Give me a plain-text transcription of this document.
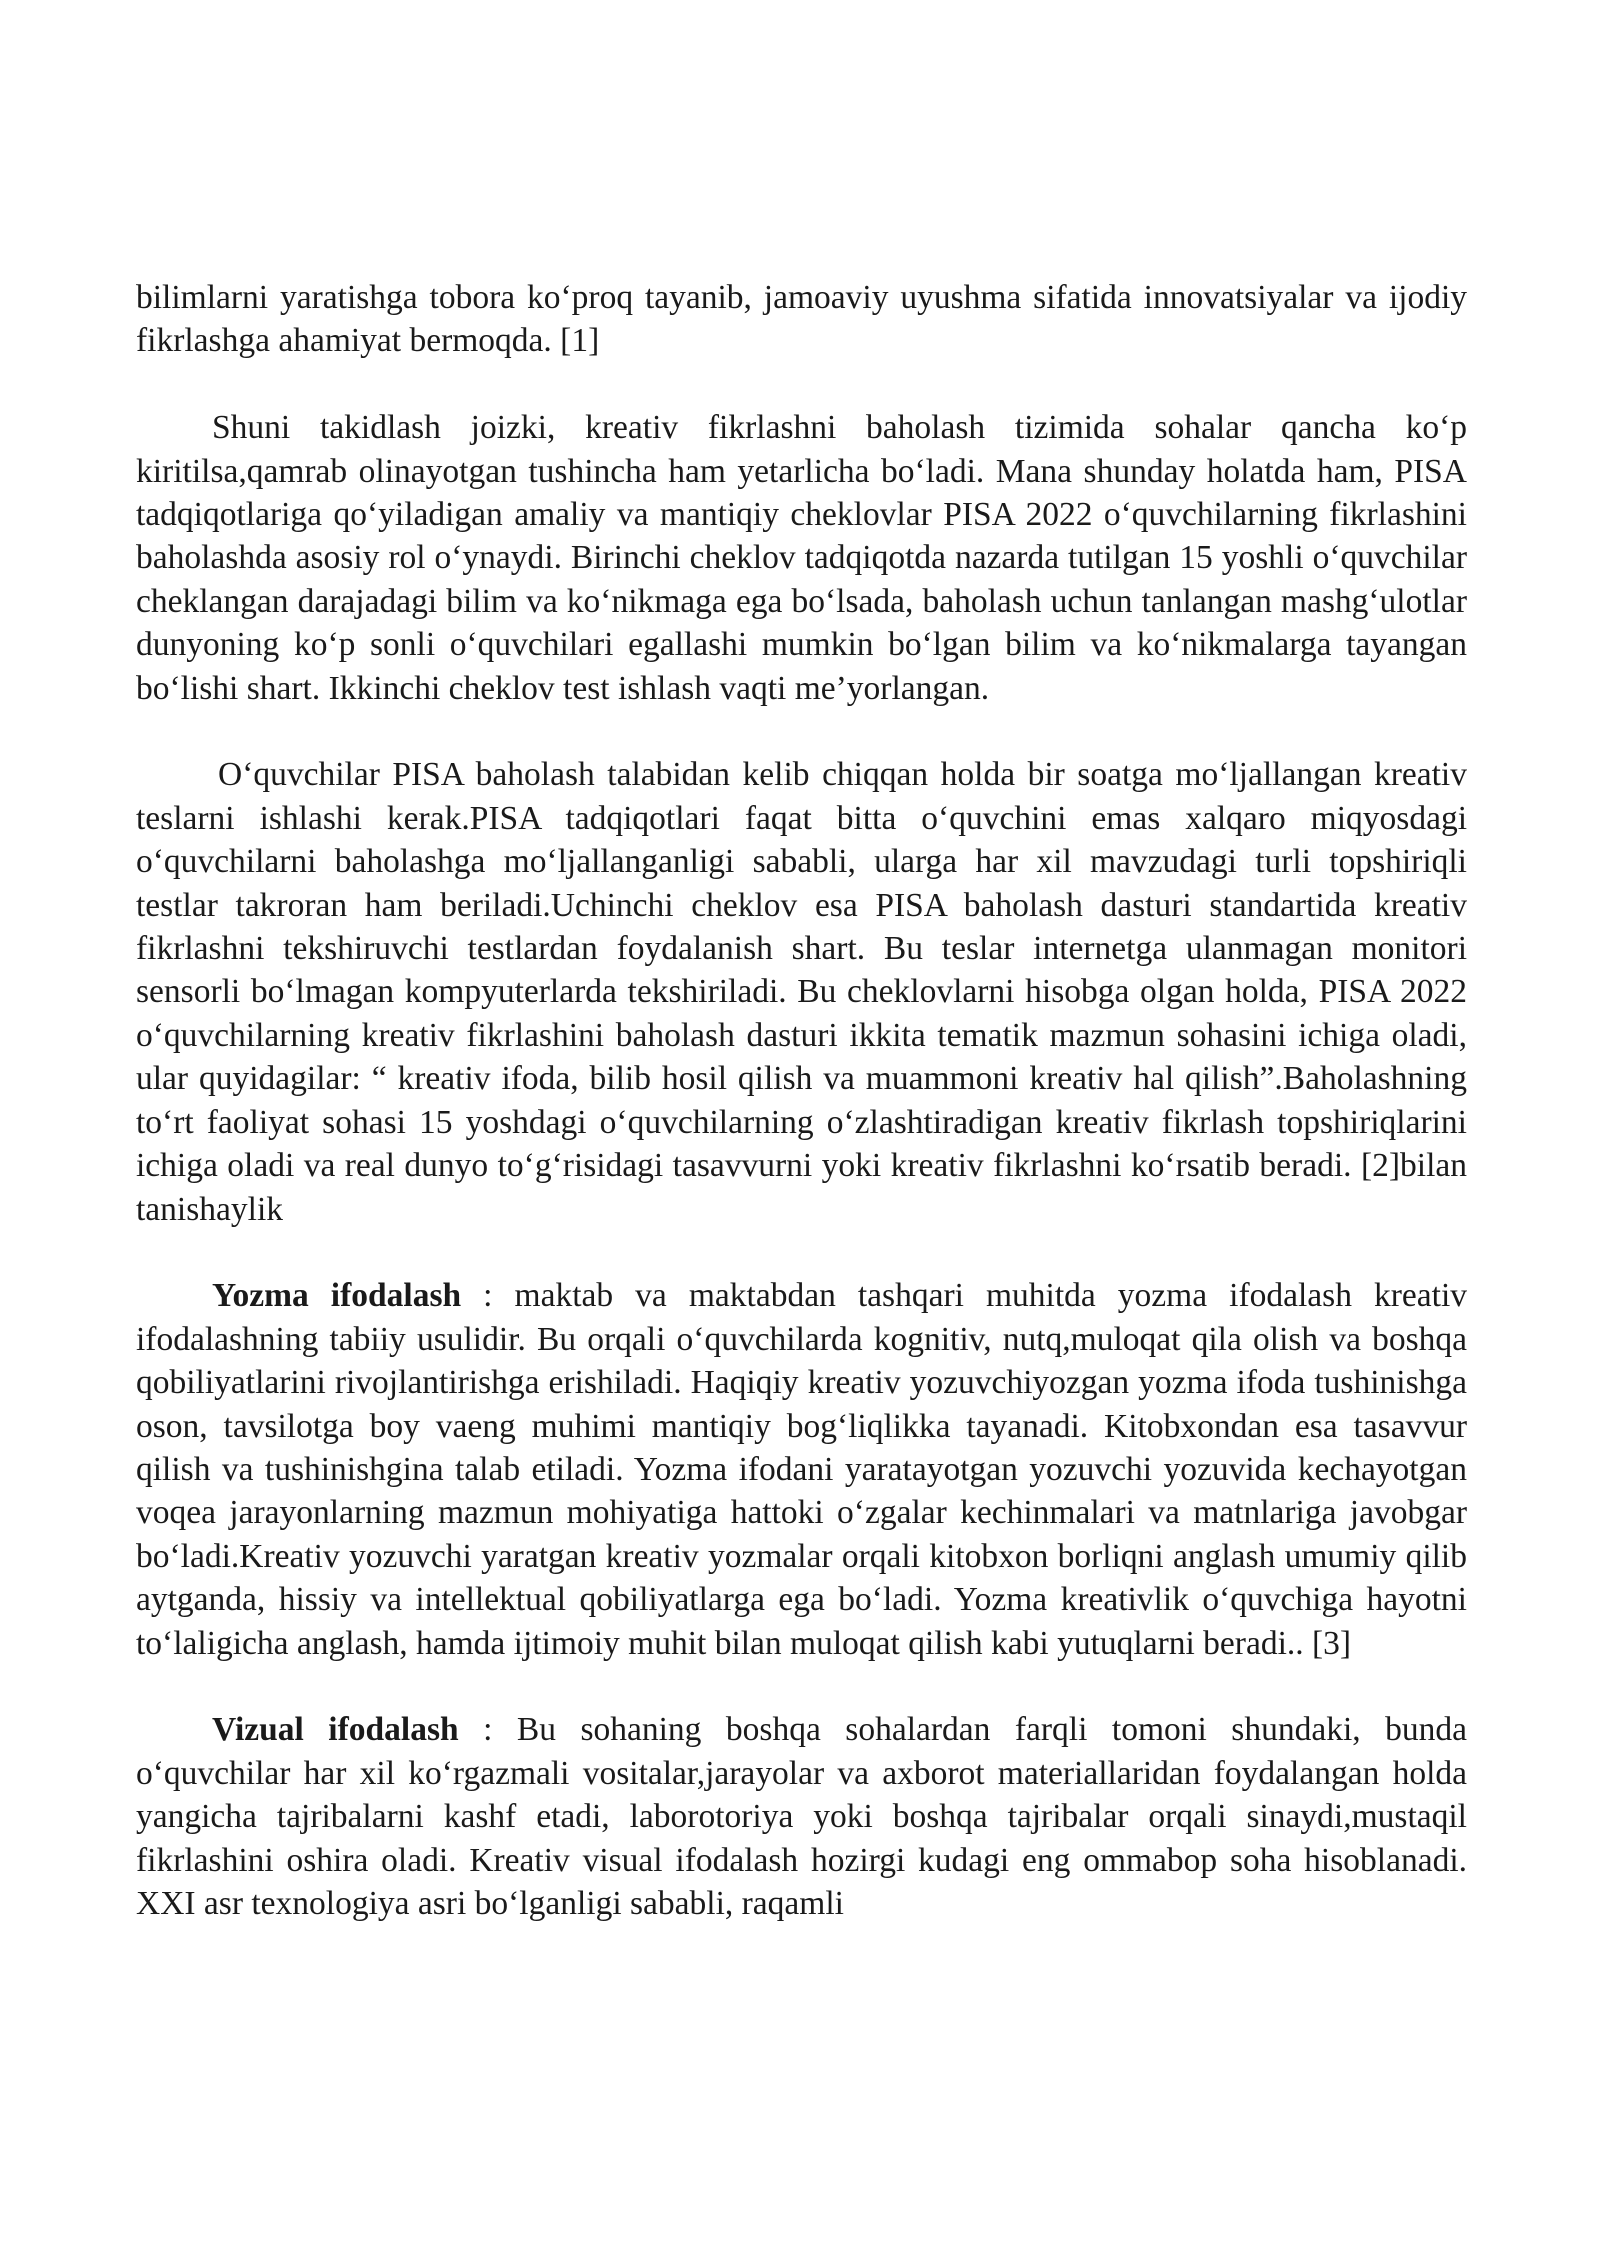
bilimlarni yaratishga tobora ko‘proq tayanib, jamoaviy uyushma sifatida innovatsiyalar va ijodiy fikrlashga ahamiyat bermoqda. [1]

Shuni takidlash joizki, kreativ fikrlashni baholash tizimida sohalar qancha ko‘p kiritilsa,qamrab olinayotgan tushincha ham yetarlicha bo‘ladi. Mana shunday holatda ham, PISA tadqiqotlariga qo‘yiladigan amaliy va mantiqiy cheklovlar PISA 2022 o‘quvchilarning fikrlashini baholashda asosiy rol o‘ynaydi. Birinchi cheklov tadqiqotda nazarda tutilgan 15 yoshli o‘quvchilar cheklangan darajadagi bilim va ko‘nikmaga ega bo‘lsada, baholash uchun tanlangan mashg‘ulotlar dunyoning ko‘p sonli o‘quvchilari egallashi mumkin bo‘lgan bilim va ko‘nikmalarga tayangan bo‘lishi shart. Ikkinchi cheklov test ishlash vaqti me’yorlangan.

O‘quvchilar PISA baholash talabidan kelib chiqqan holda bir soatga mo‘ljallangan kreativ teslarni ishlashi kerak.PISA tadqiqotlari faqat bitta o‘quvchini emas xalqaro miqyosdagi o‘quvchilarni baholashga mo‘ljallanganligi sababli, ularga har xil mavzudagi turli topshiriqli testlar takroran ham beriladi.Uchinchi cheklov esa PISA baholash dasturi standartida kreativ fikrlashni tekshiruvchi testlardan foydalanish shart. Bu teslar internetga ulanmagan monitori sensorli bo‘lmagan kompyuterlarda tekshiriladi. Bu cheklovlarni hisobga olgan holda, PISA 2022 o‘quvchilarning kreativ fikrlashini baholash dasturi ikkita tematik mazmun sohasini ichiga oladi, ular quyidagilar: “ kreativ ifoda, bilib hosil qilish va muammoni kreativ hal qilish”.Baholashning to‘rt faoliyat sohasi 15 yoshdagi o‘quvchilarning o‘zlashtiradigan kreativ fikrlash topshiriqlarini ichiga oladi va real dunyo to‘g‘risidagi tasavvurni yoki kreativ fikrlashni ko‘rsatib beradi. [2]bilan tanishaylik

Yozma ifodalash : maktab va maktabdan tashqari muhitda yozma ifodalash kreativ ifodalashning tabiiy usulidir. Bu orqali o‘quvchilarda kognitiv, nutq,muloqat qila olish va boshqa qobiliyatlarini rivojlantirishga erishiladi. Haqiqiy kreativ yozuvchiyozgan yozma ifoda tushinishga oson, tavsilotga boy vaeng muhimi mantiqiy bog‘liqlikka tayanadi. Kitobxondan esa tasavvur qilish va tushinishgina talab etiladi. Yozma ifodani yaratayotgan yozuvchi yozuvida kechayotgan voqea jarayonlarning mazmun mohiyatiga hattoki o‘zgalar kechinmalari va matnlariga javobgar bo‘ladi.Kreativ yozuvchi yaratgan kreativ yozmalar orqali kitobxon borliqni anglash umumiy qilib aytganda, hissiy va intellektual qobiliyatlarga ega bo‘ladi. Yozma kreativlik o‘quvchiga hayotni to‘laligicha anglash, hamda ijtimoiy muhit bilan muloqat qilish kabi yutuqlarni beradi.. [3]

Vizual ifodalash : Bu sohaning boshqa sohalardan farqli tomoni shundaki, bunda o‘quvchilar har xil ko‘rgazmali vositalar,jarayolar va axborot materiallaridan foydalangan holda yangicha tajribalarni kashf etadi, laborotoriya yoki boshqa tajribalar orqali sinaydi,mustaqil fikrlashini oshira oladi. Kreativ visual ifodalash hozirgi kudagi eng ommabop soha hisoblanadi. XXI asr texnologiya asri bo‘lganligi sababli, raqamli
